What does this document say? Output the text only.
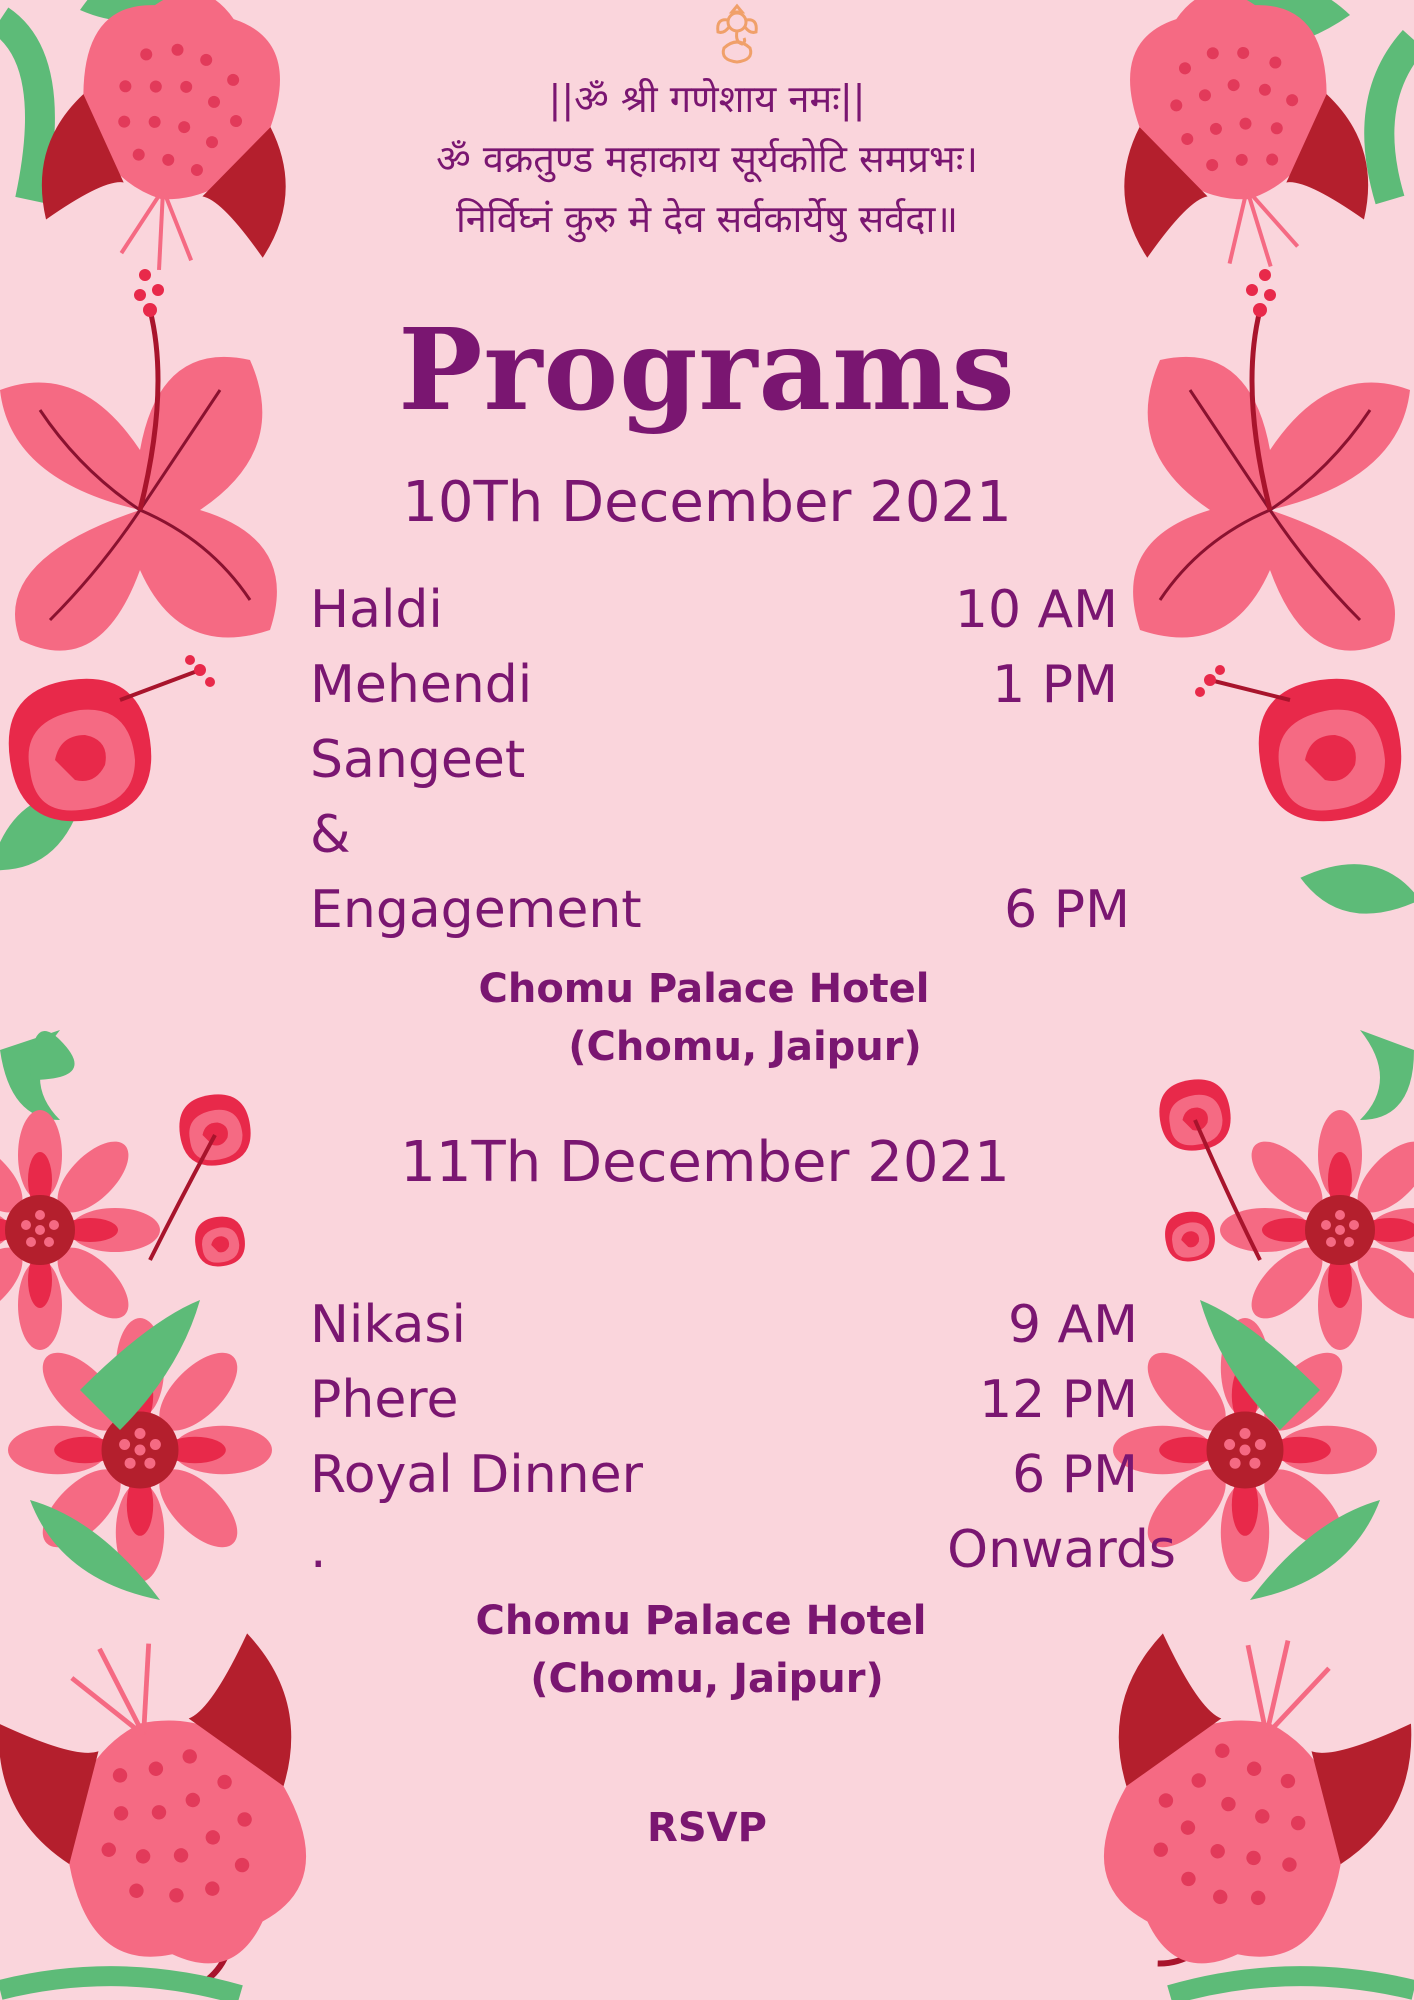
||ॐ श्री गणेशाय नमः||
ॐ वक्रतुण्ड महाकाय सूर्यकोटि समप्रभः।
निर्विघ्नं कुरु मे देव सर्वकार्येषु सर्वदा॥
Programs
10Th December 2021
Haldi	10 AM
Mehendi	1 PM
Sangeet
&
Engagement	6 PM
Chomu Palace Hotel
(Chomu, Jaipur)
11Th December 2021
Nikasi	9 AM
Phere	12 PM
Royal Dinner	6 PM
.	Onwards
Chomu Palace Hotel
(Chomu, Jaipur)
RSVP
